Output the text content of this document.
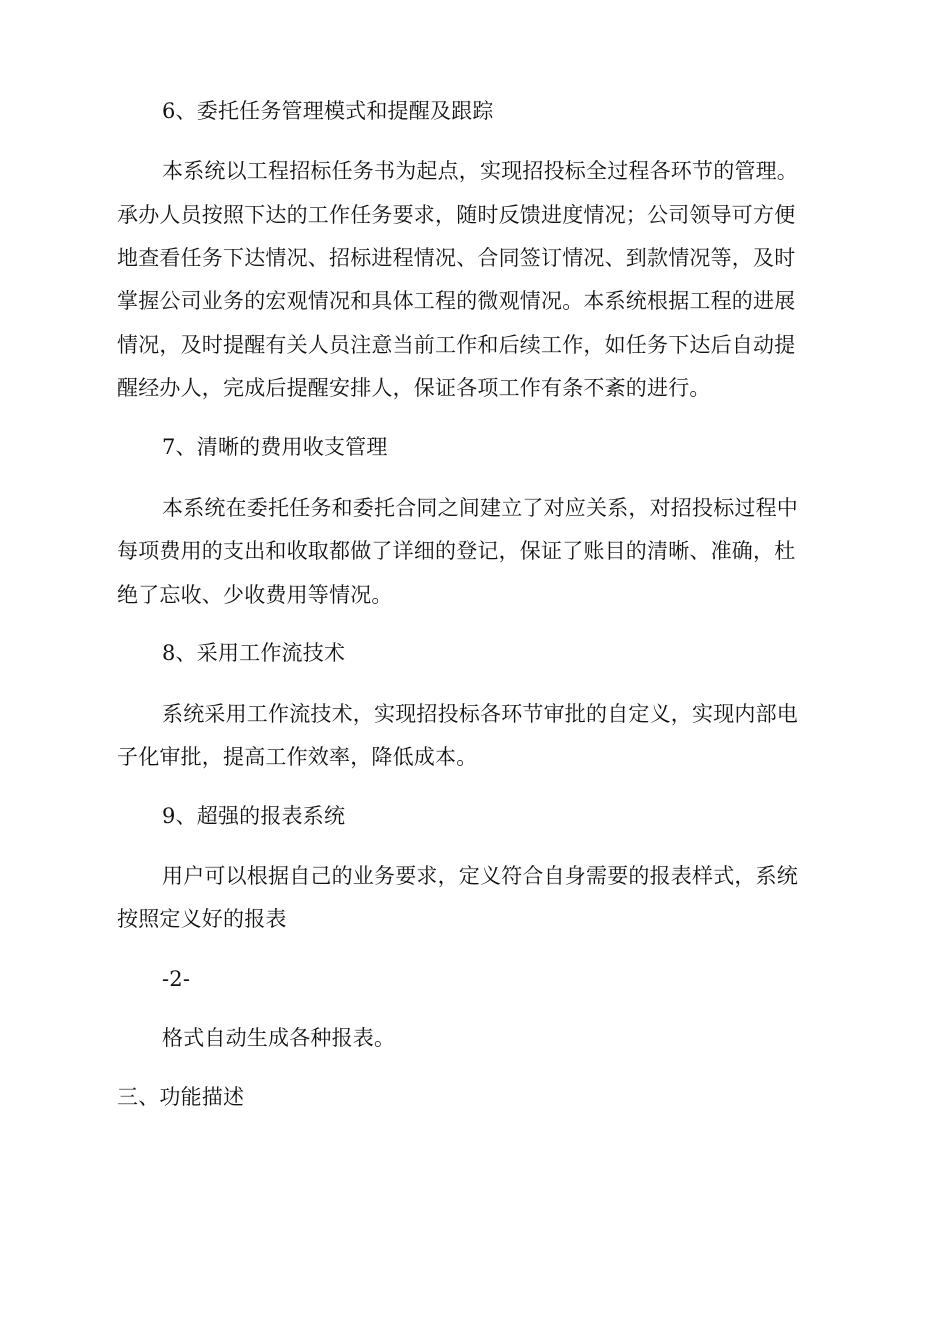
6、委托任务管理模式和提醒及跟踪
本系统以工程招标任务书为起点，实现招投标全过程各环节的管理。
承办人员按照下达的工作任务要求，随时反馈进度情况；公司领导可方便
地查看任务下达情况、招标进程情况、合同签订情况、到款情况等，及时
掌握公司业务的宏观情况和具体工程的微观情况。本系统根据工程的进展
情况，及时提醒有关人员注意当前工作和后续工作，如任务下达后自动提
醒经办人，完成后提醒安排人，保证各项工作有条不紊的进行。
7、清晰的费用收支管理
本系统在委托任务和委托合同之间建立了对应关系，对招投标过程中
每项费用的支出和收取都做了详细的登记，保证了账目的清晰、准确，杜
绝了忘收、少收费用等情况。
8、采用工作流技术
系统采用工作流技术，实现招投标各环节审批的自定义，实现内部电
子化审批，提高工作效率，降低成本。
9、超强的报表系统
用户可以根据自己的业务要求，定义符合自身需要的报表样式，系统
按照定义好的报表
-2-
格式自动生成各种报表。
三、功能描述
